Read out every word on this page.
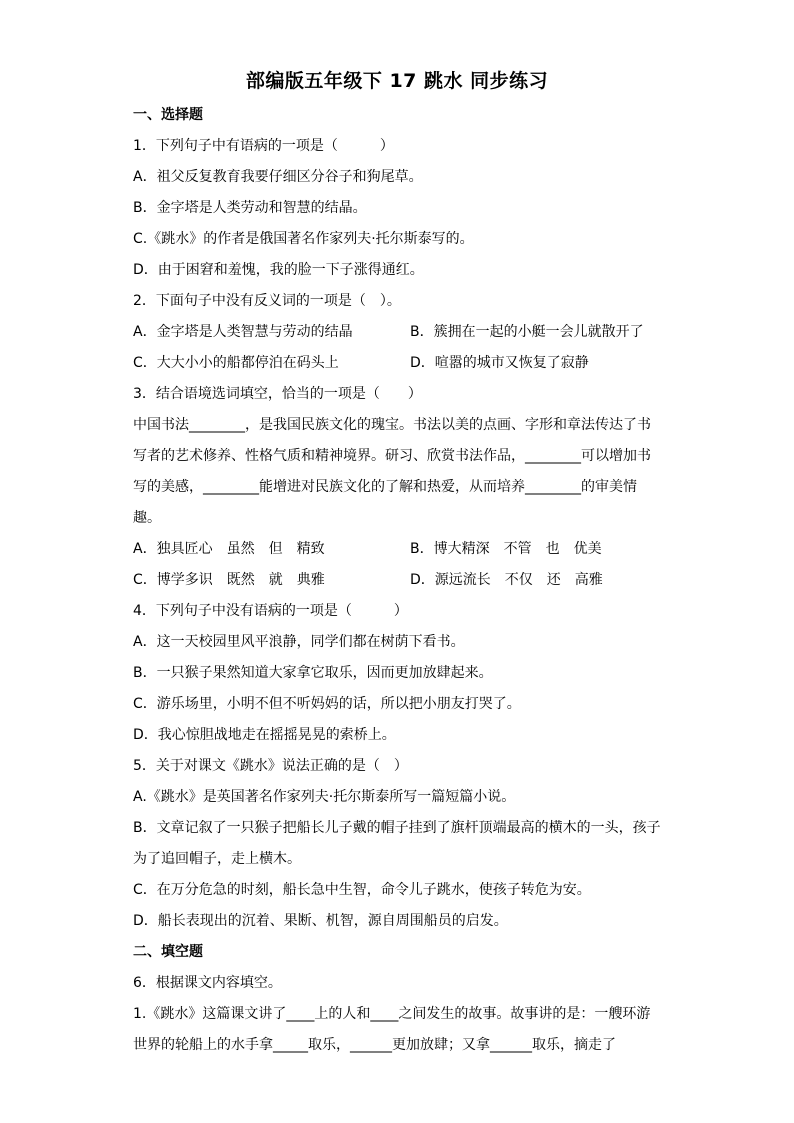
部编版五年级下 17 跳水 同步练习
一、选择题
1．下列句子中有语病的一项是（　　　）
A．祖父反复教育我要仔细区分谷子和狗尾草。
B．金字塔是人类劳动和智慧的结晶。
C.《跳水》的作者是俄国著名作家列夫·托尔斯泰写的。
D．由于困窘和羞愧，我的脸一下子涨得通红。
2．下面句子中没有反义词的一项是（　）。
A．金字塔是人类智慧与劳动的结晶	B．簇拥在一起的小艇一会儿就散开了
C．大大小小的船都停泊在码头上	D．喧嚣的城市又恢复了寂静
3．结合语境选词填空，恰当的一项是（　　）
中国书法________，是我国民族文化的瑰宝。书法以美的点画、字形和章法传达了书
写者的艺术修养、性格气质和精神境界。研习、欣赏书法作品，________可以增加书
写的美感，________能增进对民族文化的了解和热爱，从而培养________的审美情
趣。
A．独具匠心　虽然　但　精致	B．博大精深　不管　也　优美
C．博学多识　既然　就　典雅	D．源远流长　不仅　还　高雅
4．下列句子中没有语病的一项是（　　　）
A．这一天校园里风平浪静，同学们都在树荫下看书。
B．一只猴子果然知道大家拿它取乐，因而更加放肆起来。
C．游乐场里，小明不但不听妈妈的话，所以把小朋友打哭了。
D．我心惊胆战地走在摇摇晃晃的索桥上。
5．关于对课文《跳水》说法正确的是（　）
A.《跳水》是英国著名作家列夫·托尔斯泰所写一篇短篇小说。
B．文章记叙了一只猴子把船长儿子戴的帽子挂到了旗杆顶端最高的横木的一头，孩子
为了追回帽子，走上横木。
C．在万分危急的时刻，船长急中生智，命令儿子跳水，使孩子转危为安。
D．船长表现出的沉着、果断、机智，源自周围船员的启发。
二、填空题
6．根据课文内容填空。
1.《跳水》这篇课文讲了____上的人和____之间发生的故事。故事讲的是：一艘环游
世界的轮船上的水手拿_____取乐，______更加放肆；又拿______取乐，摘走了
